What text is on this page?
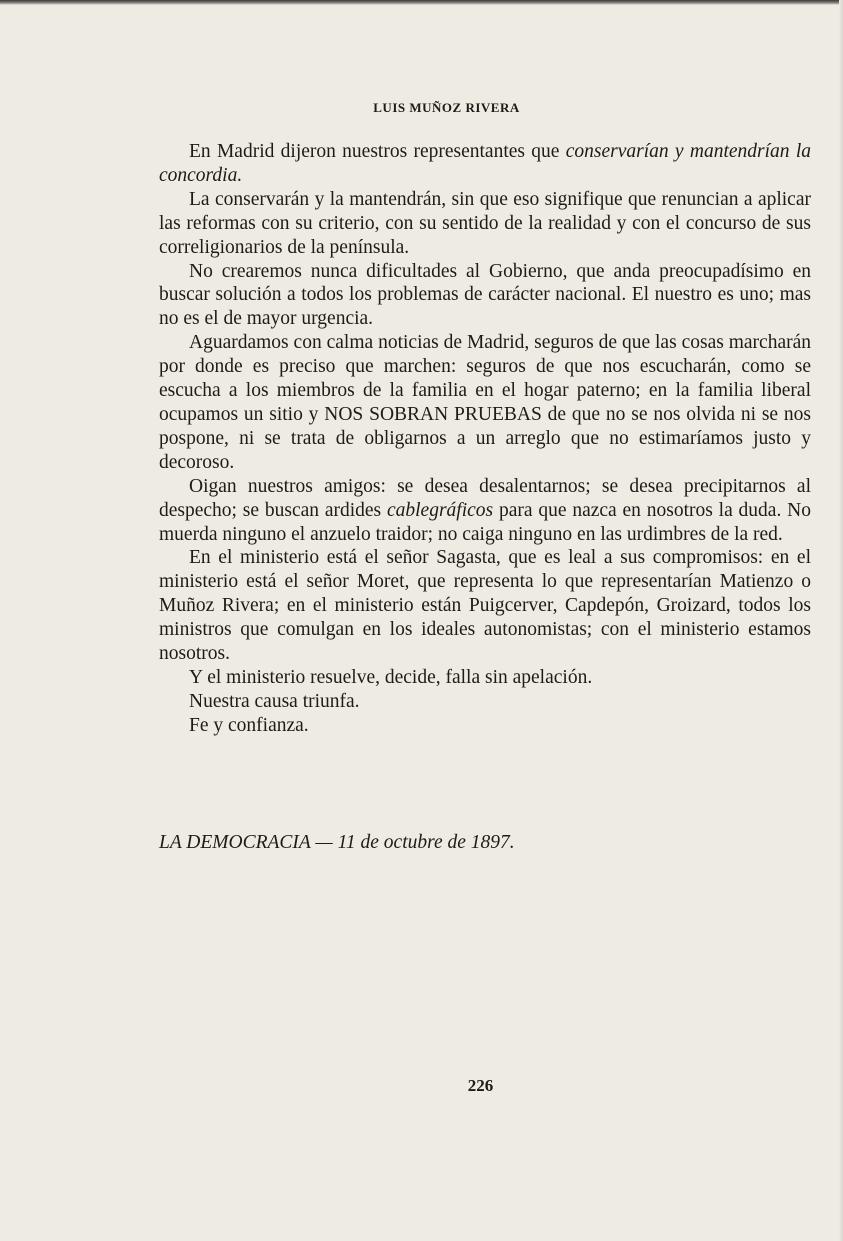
LUIS MUÑOZ RIVERA

En Madrid dijeron nuestros representantes que conservarían y mantendrían la concordia.

La conservarán y la mantendrán, sin que eso signifique que renuncian a aplicar las reformas con su criterio, con su sentido de la realidad y con el concurso de sus correligionarios de la península.

No crearemos nunca dificultades al Gobierno, que anda preocupadísimo en buscar solución a todos los problemas de carácter nacional. El nuestro es uno; mas no es el de mayor urgencia.

Aguardamos con calma noticias de Madrid, seguros de que las cosas marcharán por donde es preciso que marchen: seguros de que nos escucharán, como se escucha a los miembros de la familia en el hogar paterno; en la familia liberal ocupamos un sitio y NOS SOBRAN PRUEBAS de que no se nos olvida ni se nos pospone, ni se trata de obligarnos a un arreglo que no estimaríamos justo y decoroso.

Oigan nuestros amigos: se desea desalentarnos; se desea precipitarnos al despecho; se buscan ardides cablegráficos para que nazca en nosotros la duda. No muerda ninguno el anzuelo traidor; no caiga ninguno en las urdimbres de la red.

En el ministerio está el señor Sagasta, que es leal a sus compromisos: en el ministerio está el señor Moret, que representa lo que representarían Matienzo o Muñoz Rivera; en el ministerio están Puigcerver, Capdepón, Groizard, todos los ministros que comulgan en los ideales autonomistas; con el ministerio estamos nosotros.

Y el ministerio resuelve, decide, falla sin apelación.

Nuestra causa triunfa.

Fe y confianza.

LA DEMOCRACIA — 11 de octubre de 1897.
226
